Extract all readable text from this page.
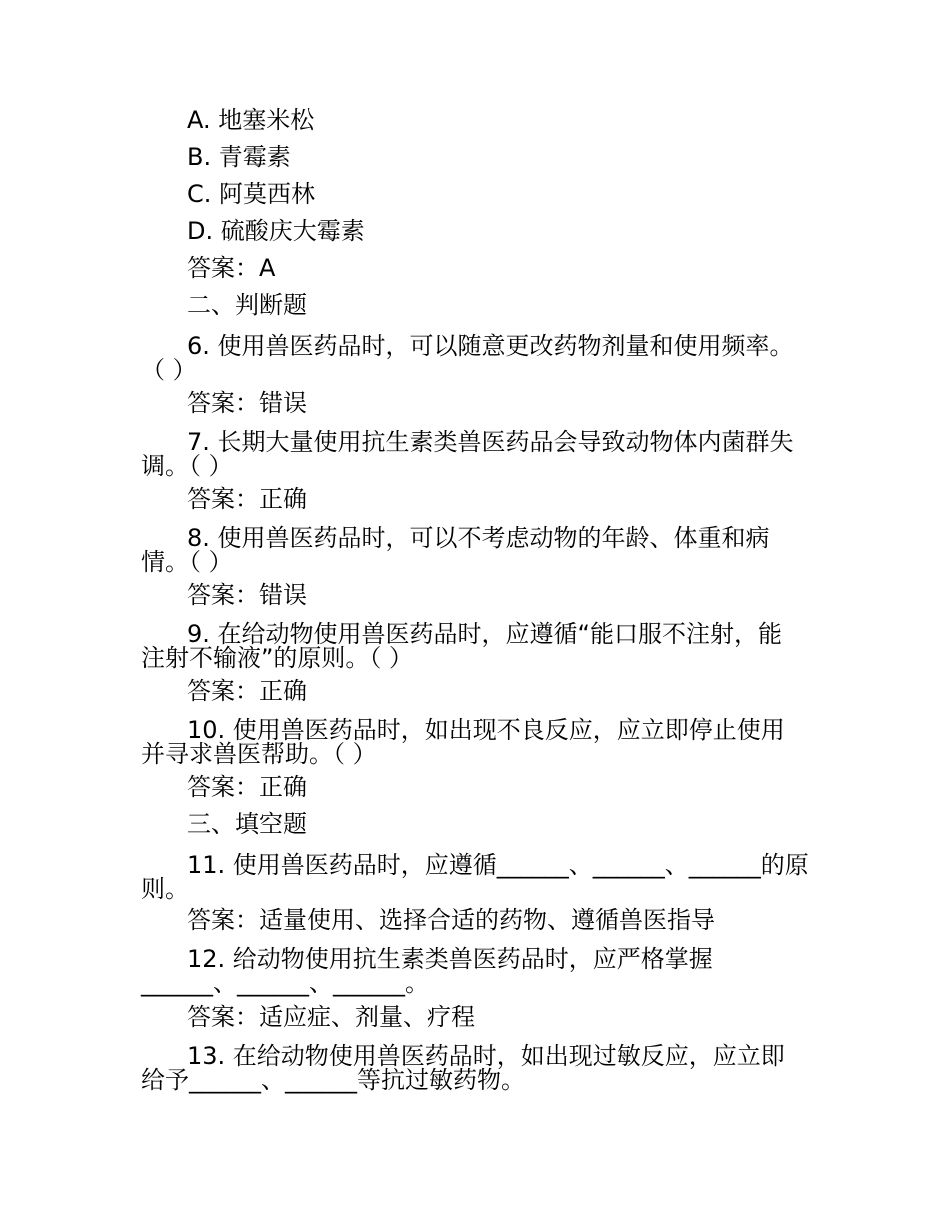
A. 地塞米松
B. 青霉素
C. 阿莫西林
D. 硫酸庆大霉素
答案：A
二、判断题
6. 使用兽医药品时，可以随意更改药物剂量和使用频率。
（ ）
答案：错误
7. 长期大量使用抗生素类兽医药品会导致动物体内菌群失
调。（ ）
答案：正确
8. 使用兽医药品时，可以不考虑动物的年龄、体重和病
情。（ ）
答案：错误
9. 在给动物使用兽医药品时，应遵循“能口服不注射，能
注射不输液”的原则。（ ）
答案：正确
10. 使用兽医药品时，如出现不良反应，应立即停止使用
并寻求兽医帮助。（ ）
答案：正确
三、填空题
11. 使用兽医药品时，应遵循______、______、______的原
则。
答案：适量使用、选择合适的药物、遵循兽医指导
12. 给动物使用抗生素类兽医药品时，应严格掌握
______、______、______。
答案：适应症、剂量、疗程
13. 在给动物使用兽医药品时，如出现过敏反应，应立即
给予______、______等抗过敏药物。
